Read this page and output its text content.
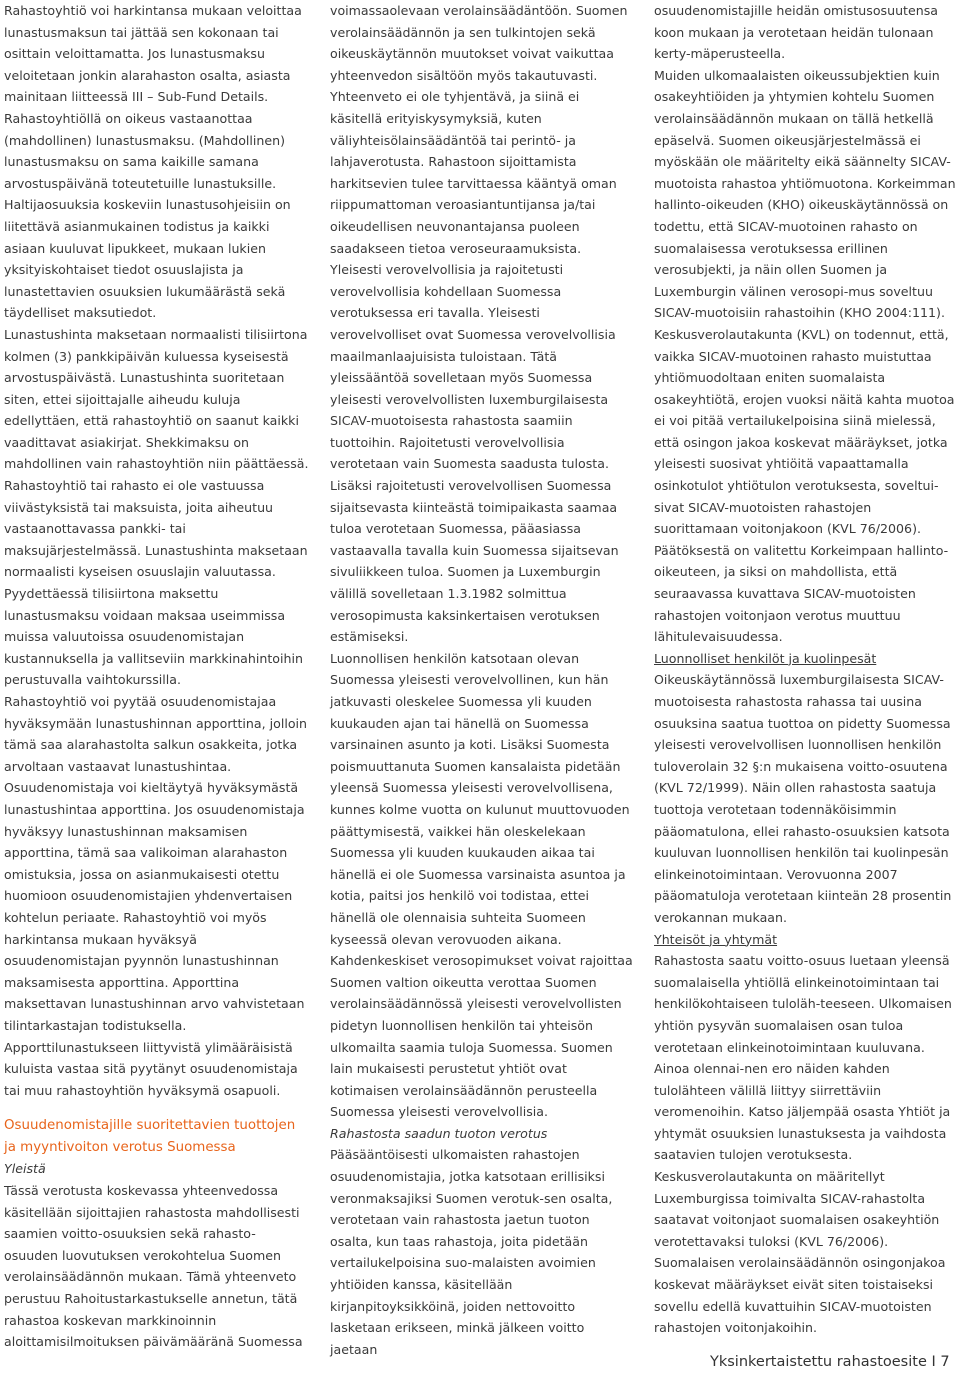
Rahastoyhtiö voi harkintansa mukaan veloittaa lunastusmaksun tai jättää sen kokonaan tai osittain veloittamatta. Jos lunastusmaksu veloitetaan jonkin alarahaston osalta, asiasta mainitaan liitteessä III – Sub-Fund Details. Rahastoyhtiöllä on oikeus vastaanottaa (mahdollinen) lunastusmaksu. (Mahdollinen) lunastusmaksu on sama kaikille samana arvostuspäivänä toteutetuille lunastuksille.

Haltijaosuuksia koskeviin lunastusohjeisiin on liitettävä asianmukainen todistus ja kaikki asiaan kuuluvat lipukkeet, mukaan lukien yksityiskohtaiset tiedot osuuslajista ja lunastettavien osuuksien lukumäärästä sekä täydelliset maksutiedot.

Lunastushinta maksetaan normaalisti tilisiirtona kolmen (3) pankkipäivän kuluessa kyseisestä arvostuspäivästä. Lunastushinta suoritetaan siten, ettei sijoittajalle aiheudu kuluja edellyttäen, että rahastoyhtiö on saanut kaikki vaadittavat asiakirjat. Shekkimaksu on mahdollinen vain rahastoyhtiön niin päättäessä. Rahastoyhtiö tai rahasto ei ole vastuussa viivästyksistä tai maksuista, joita aiheutuu vastaanottavassa pankki- tai maksujärjestelmässä. Lunastushinta maksetaan normaalisti kyseisen osuuslajin valuutassa.

Pyydettäessä tilisiirtona maksettu lunastusmaksu voidaan maksaa useimmissa muissa valuutoissa osuudenomistajan kustannuksella ja vallitseviin markkinahintoihin perustuvalla vaihtokurssilla.

Rahastoyhtiö voi pyytää osuudenomistajaa hyväksymään lunastushinnan apporttina, jolloin tämä saa alarahastolta salkun osakkeita, jotka arvoltaan vastaavat lunastushintaa. Osuudenomistaja voi kieltäytyä hyväksymästä lunastushintaa apporttina. Jos osuudenomistaja hyväksyy lunastushinnan maksamisen apporttina, tämä saa valikoiman alarahaston omistuksia, jossa on asianmukaisesti otettu huomioon osuudenomistajien yhdenvertaisen kohtelun periaate. Rahastoyhtiö voi myös harkintansa mukaan hyväksyä osuudenomistajan pyynnön lunastushinnan maksamisesta apporttina. Apporttina maksettavan lunastushinnan arvo vahvistetaan tilintarkastajan todistuksella.

Apporttilunastukseen liittyvistä ylimääräisistä kuluista vastaa sitä pyytänyt osuudenomistaja tai muu rahastoyhtiön hyväksymä osapuoli.

Osuudenomistajille suoritettavien tuottojen ja myyntivoiton verotus Suomessa

Yleistä

Tässä verotusta koskevassa yhteenvedossa käsitellään sijoittajien rahastosta mahdollisesti saamien voitto-osuuksien sekä rahasto-osuuden luovutuksen verokohtelua Suomen verolainsäädännön mukaan. Tämä yhteenveto perustuu Rahoitustarkastukselle annetun, tätä rahastoa koskevan markkinoinnin aloittamisilmoituksen päivämääränä Suomessa

voimassaolevaan verolainsäädäntöön. Suomen verolainsäädännön ja sen tulkintojen sekä oikeuskäytännön muutokset voivat vaikuttaa yhteenvedon sisältöön myös takautuvasti. Yhteenveto ei ole tyhjentävä, ja siinä ei käsitellä erityiskysymyksiä, kuten väliyhteisölainsäädäntöä tai perintö- ja lahjaverotusta. Rahastoon sijoittamista harkitsevien tulee tarvittaessa kääntyä oman riippumattoman veroasiantuntijansa ja/tai oikeudellisen neuvonantajansa puoleen saadakseen tietoa veroseuraamuksista.

Yleisesti verovelvollisia ja rajoitetusti verovelvollisia kohdellaan Suomessa verotuksessa eri tavalla. Yleisesti verovelvolliset ovat Suomessa verovelvollisia maailmanlaajuisista tuloistaan. Tätä yleissääntöä sovelletaan myös Suomessa yleisesti verovelvollisten luxemburgilaisesta SICAV-muotoisesta rahastosta saamiin tuottoihin. Rajoitetusti verovelvollisia verotetaan vain Suomesta saadusta tulosta. Lisäksi rajoitetusti verovelvollisen Suomessa sijaitsevasta kiinteästä toimipaikasta saamaa tuloa verotetaan Suomessa, pääasiassa vastaavalla tavalla kuin Suomessa sijaitsevan sivuliikkeen tuloa. Suomen ja Luxemburgin välillä sovelletaan 1.3.1982 solmittua verosopimusta kaksinkertaisen verotuksen estämiseksi.

Luonnollisen henkilön katsotaan olevan Suomessa yleisesti verovelvollinen, kun hän jatkuvasti oleskelee Suomessa yli kuuden kuukauden ajan tai hänellä on Suomessa varsinainen asunto ja koti. Lisäksi Suomesta poismuuttanuta Suomen kansalaista pidetään yleensä Suomessa yleisesti verovelvollisena, kunnes kolme vuotta on kulunut muuttovuoden päättymisestä, vaikkei hän oleskelekaan Suomessa yli kuuden kuukauden aikaa tai hänellä ei ole Suomessa varsinaista asuntoa ja kotia, paitsi jos henkilö voi todistaa, ettei hänellä ole olennaisia suhteita Suomeen kyseessä olevan verovuoden aikana. Kahdenkeskiset verosopimukset voivat rajoittaa Suomen valtion oikeutta verottaa Suomen verolainsäädännössä yleisesti verovelvollisten pidetyn luonnollisen henkilön tai yhteisön ulkomailta saamia tuloja Suomessa. Suomen lain mukaisesti perustetut yhtiöt ovat kotimaisen verolainsäädännön perusteella Suomessa yleisesti verovelvollisia.

Rahastosta saadun tuoton verotus

Pääsääntöisesti ulkomaisten rahastojen osuudenomistajia, jotka katsotaan erillisiksi veronmaksajiksi Suomen verotuk-sen osalta, verotetaan vain rahastosta jaetun tuoton osalta, kun taas rahastoja, joita pidetään vertailukelpoisina suo-malaisten avoimien yhtiöiden kanssa, käsitellään kirjanpitoyksikköinä, joiden nettovoitto lasketaan erikseen, minkä jälkeen voitto jaetaan

osuudenomistajille heidän omistusosuutensa koon mukaan ja verotetaan heidän tulonaan kerty-mäperusteella.

Muiden ulkomaalaisten oikeussubjektien kuin osakeyhtiöiden ja yhtymien kohtelu Suomen verolainsäädännön mukaan on tällä hetkellä epäselvä. Suomen oikeusjärjestelmässä ei myöskään ole määritelty eikä säännelty SICAV-muotoista rahastoa yhtiömuotona. Korkeimman hallinto-oikeuden (KHO) oikeuskäytännössä on todettu, että SICAV-muotoinen rahasto on suomalaisessa verotuksessa erillinen verosubjekti, ja näin ollen Suomen ja Luxemburgin välinen verosopi-mus soveltuu SICAV-muotoisiin rahastoihin (KHO 2004:111).

Keskusverolautakunta (KVL) on todennut, että, vaikka SICAV-muotoinen rahasto muistuttaa yhtiömuodoltaan eniten suomalaista osakeyhtiötä, erojen vuoksi näitä kahta muotoa ei voi pitää vertailukelpoisina siinä mielessä, että osingon jakoa koskevat määräykset, jotka yleisesti suosivat yhtiöitä vapaattamalla osinkotulot yhtiötulon verotuksesta, soveltui-sivat SICAV-muotoisten rahastojen suorittamaan voitonjakoon (KVL 76/2006). Päätöksestä on valitettu Korkeimpaan hallinto-oikeuteen, ja siksi on mahdollista, että seuraavassa kuvattava SICAV-muotoisten rahastojen voitonjaon verotus muuttuu lähitulevaisuudessa.

Luonnolliset henkilöt ja kuolinpesät

Oikeuskäytännössä luxemburgilaisesta SICAV-muotoisesta rahastosta rahassa tai uusina osuuksina saatua tuottoa on pidetty Suomessa yleisesti verovelvollisen luonnollisen henkilön tuloverolain 32 §:n mukaisena voitto-osuutena (KVL 72/1999). Näin ollen rahastosta saatuja tuottoja verotetaan todennäköisimmin pääomatulona, ellei rahasto-osuuksien katsota kuuluvan luonnollisen henkilön tai kuolinpesän elinkeinotoimintaan. Verovuonna 2007 pääomatuloja verotetaan kiinteän 28 prosentin verokannan mukaan.

Yhteisöt ja yhtymät

Rahastosta saatu voitto-osuus luetaan yleensä suomalaisella yhtiöllä elinkeinotoimintaan tai henkilökohtaiseen tuloläh-teeseen. Ulkomaisen yhtiön pysyvän suomalaisen osan tuloa verotetaan elinkeinotoimintaan kuuluvana. Ainoa olennai-nen ero näiden kahden tulolähteen välillä liittyy siirrettäviin veromenoihin. Katso jäljempää osasta Yhtiöt ja yhtymät osuuksien lunastuksesta ja vaihdosta saatavien tulojen verotuksesta.

Keskusverolautakunta on määritellyt Luxemburgissa toimivalta SICAV-rahastolta saatavat voitonjaot suomalaisen osakeyhtiön verotettavaksi tuloksi (KVL 76/2006). Suomalaisen verolainsäädännön osingonjakoa koskevat määräykset eivät siten toistaiseksi sovellu edellä kuvattuihin SICAV-muotoisten rahastojen voitonjakoihin.

Yksinkertaistettu rahastoesite I 7
